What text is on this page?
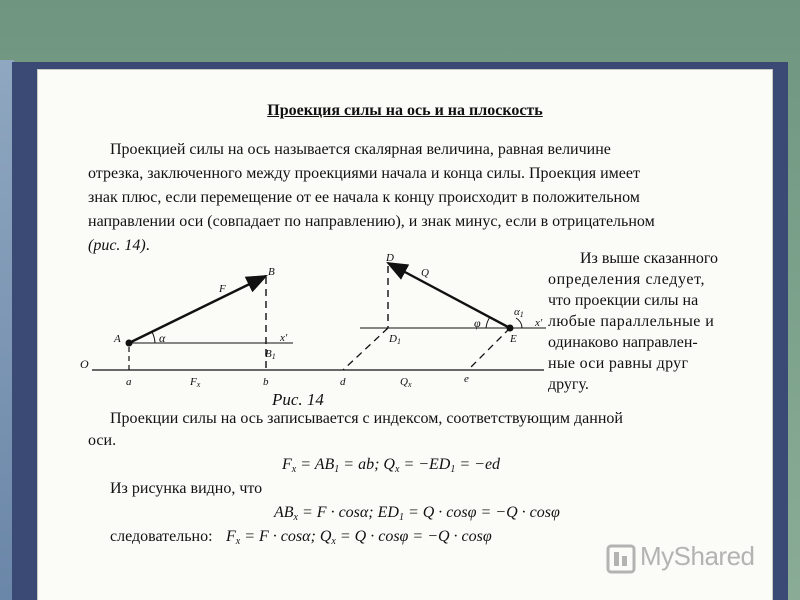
Проекция силы на ось и на плоскость
Проекцией силы на ось называется скалярная величина, равная величине
отрезка, заключенного между проекциями начала и конца силы. Проекция имеет
знак плюс, если перемещение от ее начала к концу происходит в положительном
направлении оси (совпадает по направлению), и знак минус, если в отрицательном
(рис. 14).
O
A
B
F
α	x'
B1
a	b
Fx
D
Q
D1	E
x'
φ
α1
d	Qx	e
Из выше сказанного
определения следует,
что проекции силы на
любые параллельные и
одинаково направлен-
ные оси равны друг
другу.
Рис. 14
Проекции силы на ось записывается с индексом, соответствующим данной
оси.
$F_x = AB_1$ = ab; $Q_x = -ED_1 = -ed$
Из рисунка видно, что
$AB_x = F \cdot \cos\alpha$; $ED_1 = Q \cdot \cos\varphi = -Q \cdot \cos\varphi$
следовательно: $F_x = F \cdot \cos\alpha$; $Q_x = Q \cdot \cos\varphi = -Q \cdot \cos\varphi$
MyShared
